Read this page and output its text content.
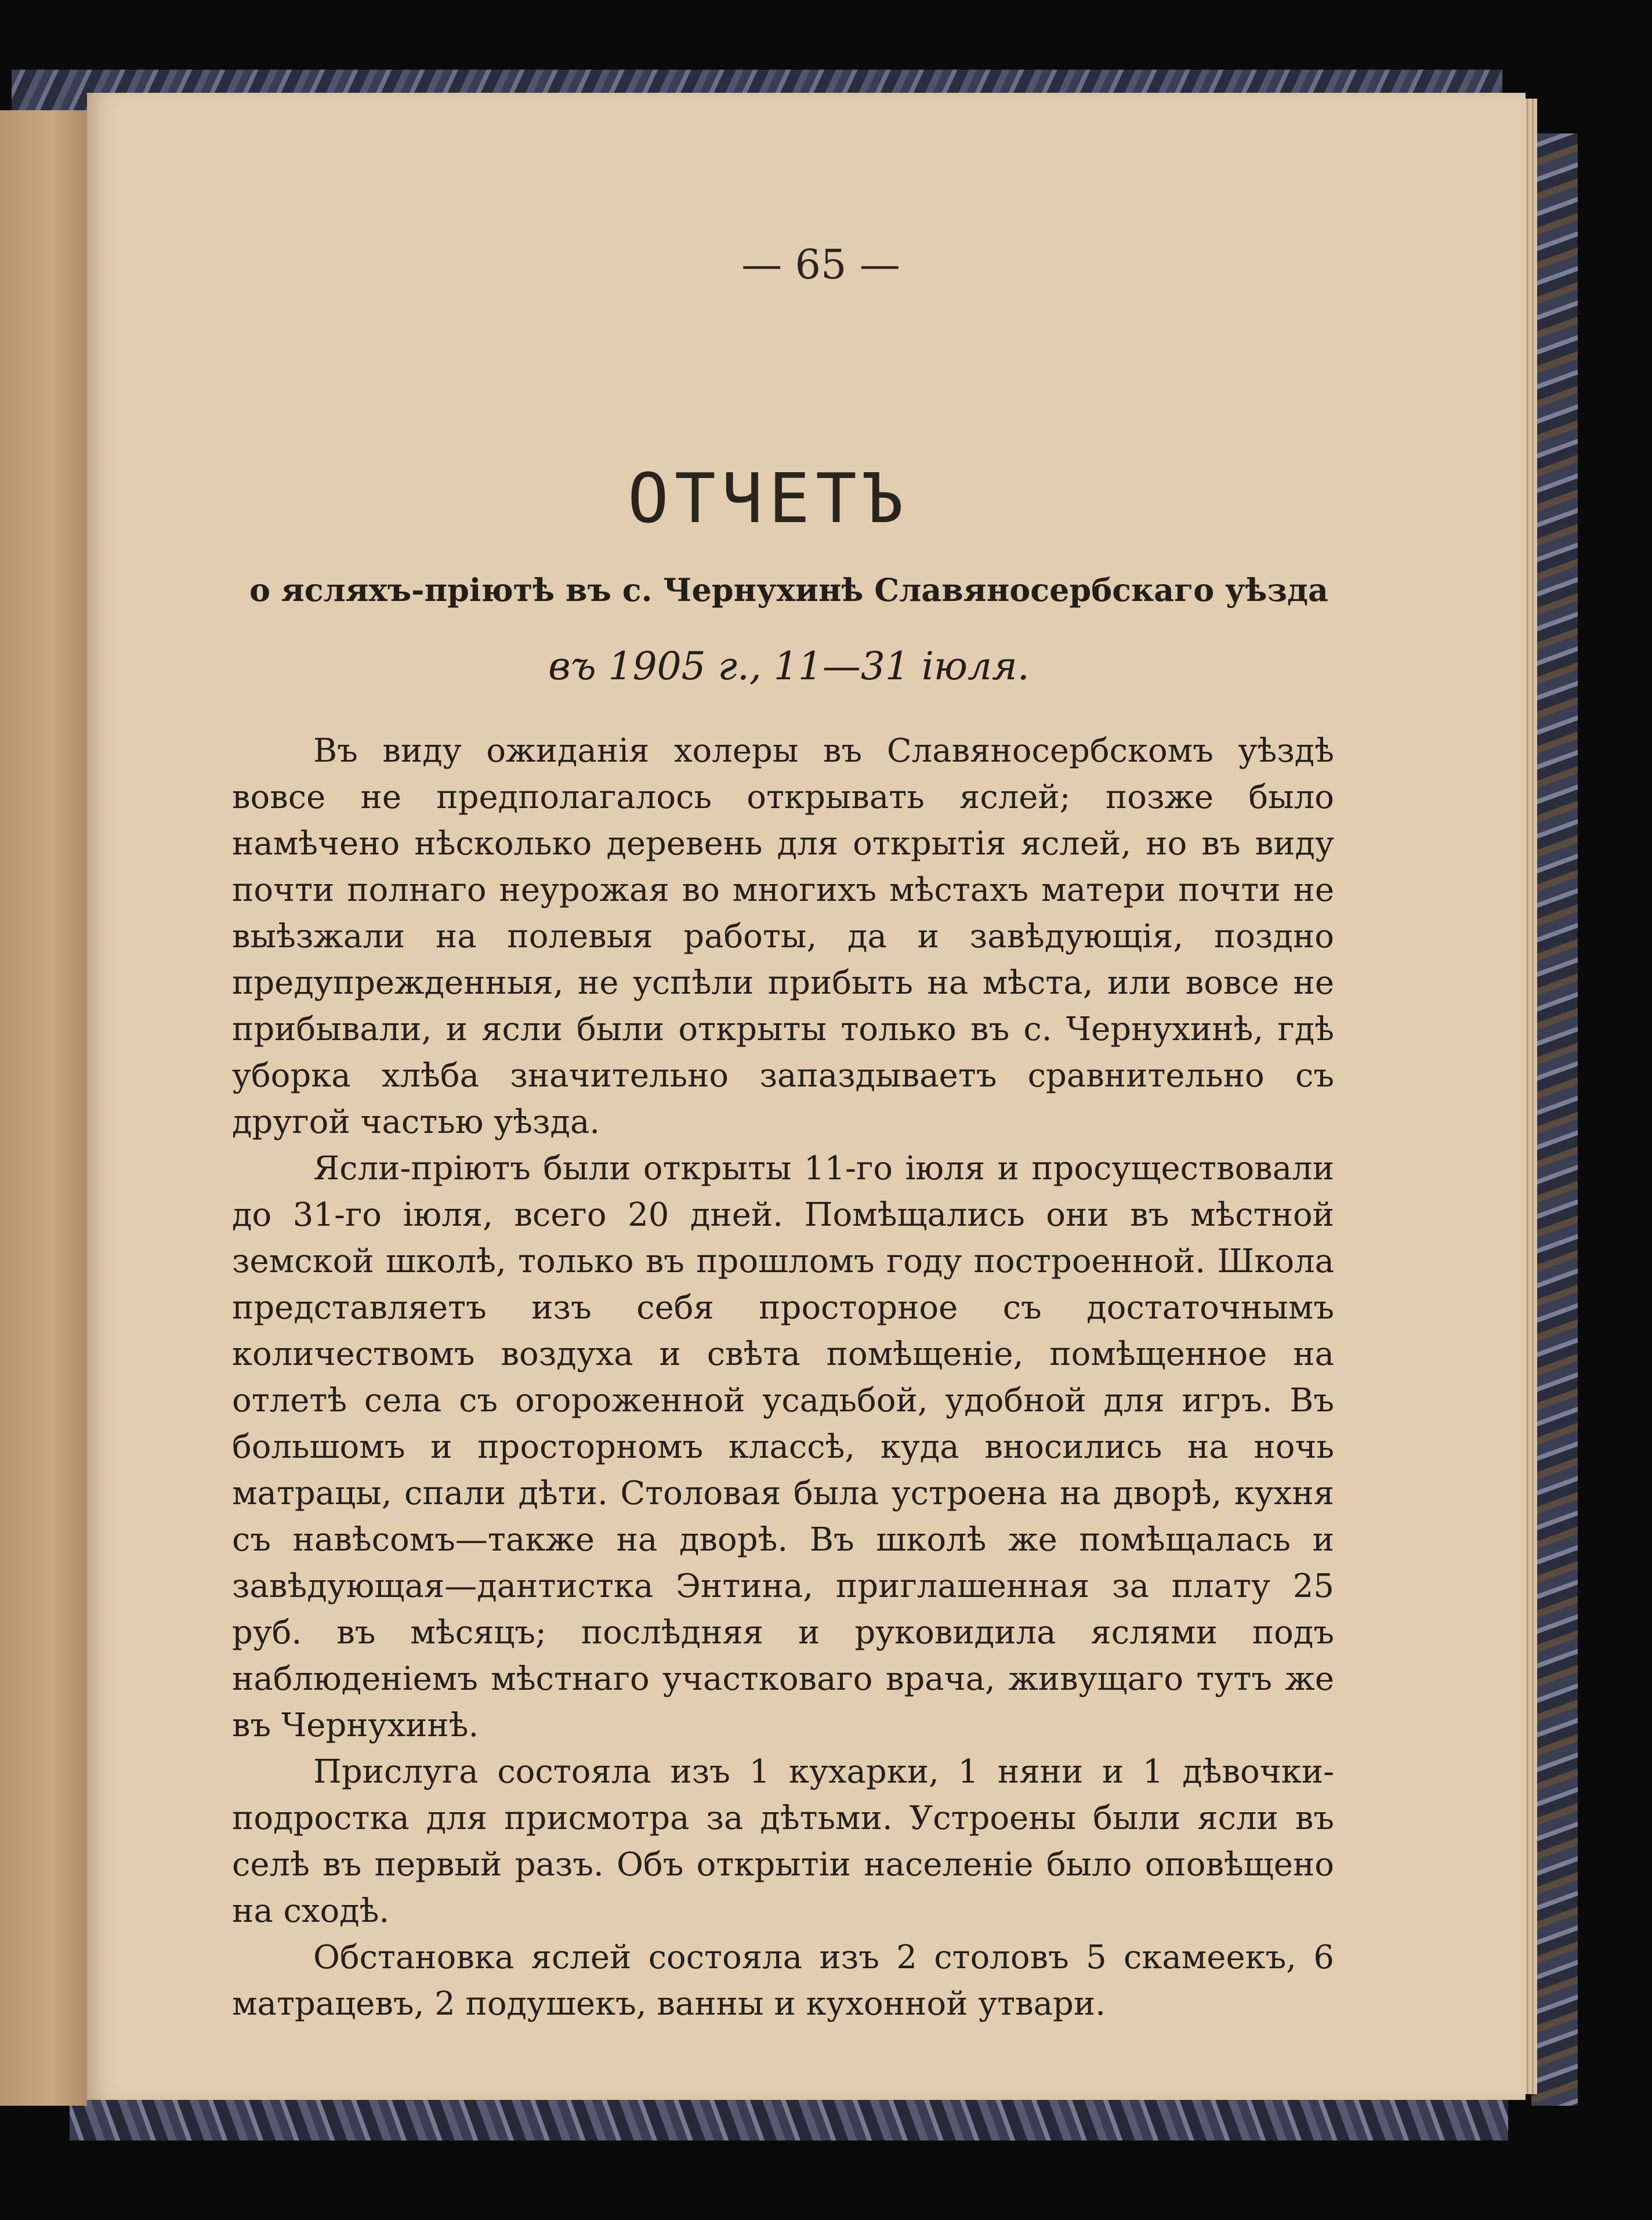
— 65 —
ОТЧЕТЪ
о ясляхъ-пріютѣ въ с. Чернухинѣ Славяносербскаго уѣзда
въ 1905 г., 11—31 іюля.

Въ виду ожиданія холеры въ Славяносербскомъ уѣздѣ вовсе не предполагалось открывать яслей; позже было намѣчено нѣсколько деревень для открытія яслей, но въ виду почти полнаго неурожая во многихъ мѣстахъ матери почти не выѣзжали на полевыя работы, да и завѣдующія, поздно предупрежденныя, не успѣли прибыть на мѣста, или вовсе не прибывали, и ясли были открыты только въ с. Чернухинѣ, гдѣ уборка хлѣба значительно запаздываетъ сравнительно съ другой частью уѣзда.

Ясли-пріютъ были открыты 11-го іюля и просуществовали до 31-го іюля, всего 20 дней. Помѣщались они въ мѣстной земской школѣ, только въ прошломъ году построенной. Школа представляетъ изъ себя просторное съ достаточнымъ количествомъ воздуха и свѣта помѣщеніе, помѣщенное на отлетѣ села съ огороженной усадьбой, удобной для игръ. Въ большомъ и просторномъ классѣ, куда вносились на ночь матрацы, спали дѣти. Столовая была устроена на дворѣ, кухня съ навѣсомъ—также на дворѣ. Въ школѣ же помѣщалась и завѣдующая—дантистка Энтина, приглашенная за плату 25 руб. въ мѣсяцъ; послѣдняя и руковидила яслями подъ наблюденіемъ мѣстнаго участковаго врача, живущаго тутъ же въ Чернухинѣ.

Прислуга состояла изъ 1 кухарки, 1 няни и 1 дѣвочки-подростка для присмотра за дѣтьми. Устроены были ясли въ селѣ въ первый разъ. Объ открытіи населеніе было оповѣщено на сходѣ.

Обстановка яслей состояла изъ 2 столовъ 5 скамеекъ, 6 матрацевъ, 2 подушекъ, ванны и кухонной утвари.
